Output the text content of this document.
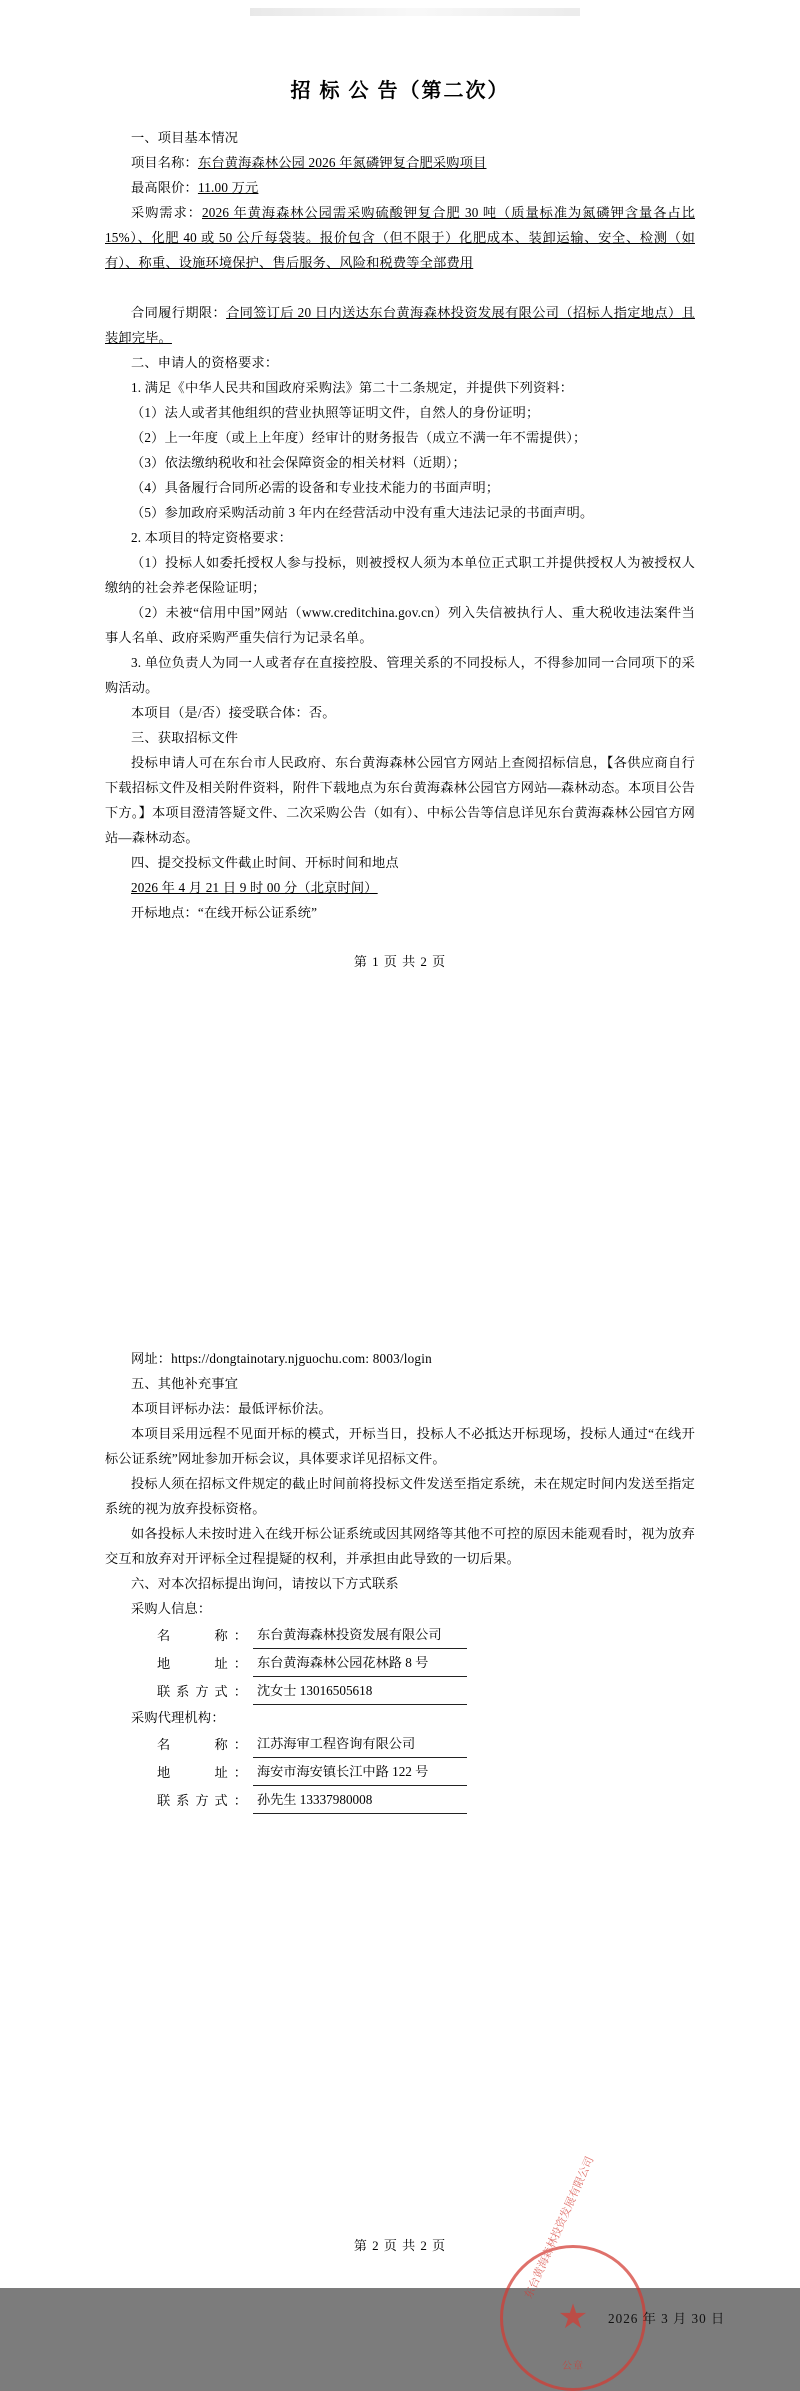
招 标 公 告（第二次）

一、项目基本情况

项目名称：东台黄海森林公园 2026 年氮磷钾复合肥采购项目

最高限价：11.00 万元

采购需求：2026 年黄海森林公园需采购硫酸钾复合肥 30 吨（质量标准为氮磷钾含量各占比 15%）、化肥 40 或 50 公斤每袋装。报价包含（但不限于）化肥成本、装卸运输、安全、检测（如有）、称重、设施环境保护、售后服务、风险和税费等全部费用

合同履行期限：合同签订后 20 日内送达东台黄海森林投资发展有限公司（招标人指定地点）且装卸完毕。

二、申请人的资格要求：

1. 满足《中华人民共和国政府采购法》第二十二条规定，并提供下列资料：

（1）法人或者其他组织的营业执照等证明文件，自然人的身份证明；

（2）上一年度（或上上年度）经审计的财务报告（成立不满一年不需提供）；

（3）依法缴纳税收和社会保障资金的相关材料（近期）；

（4）具备履行合同所必需的设备和专业技术能力的书面声明；

（5）参加政府采购活动前 3 年内在经营活动中没有重大违法记录的书面声明。

2. 本项目的特定资格要求：

（1）投标人如委托授权人参与投标，则被授权人须为本单位正式职工并提供授权人为被授权人缴纳的社会养老保险证明；

（2）未被“信用中国”网站（www.creditchina.gov.cn）列入失信被执行人、重大税收违法案件当事人名单、政府采购严重失信行为记录名单。

3. 单位负责人为同一人或者存在直接控股、管理关系的不同投标人，不得参加同一合同项下的采购活动。

本项目（是/否）接受联合体：否。

三、获取招标文件

投标申请人可在东台市人民政府、东台黄海森林公园官方网站上查阅招标信息，【各供应商自行下载招标文件及相关附件资料，附件下载地点为东台黄海森林公园官方网站—森林动态。本项目公告下方。】本项目澄清答疑文件、二次采购公告（如有）、中标公告等信息详见东台黄海森林公园官方网站—森林动态。

四、提交投标文件截止时间、开标时间和地点

2026 年 4 月 21 日 9 时 00 分（北京时间）

开标地点：“在线开标公证系统”

第 1 页 共 2 页

网址：https://dongtainotary.njguochu.com: 8003/login

五、其他补充事宜

本项目评标办法：最低评标价法。

本项目采用远程不见面开标的模式，开标当日，投标人不必抵达开标现场，投标人通过“在线开标公证系统”网址参加开标会议，具体要求详见招标文件。

投标人须在招标文件规定的截止时间前将投标文件发送至指定系统，未在规定时间内发送至指定系统的视为放弃投标资格。

如各投标人未按时进入在线开标公证系统或因其网络等其他不可控的原因未能观看时，视为放弃交互和放弃对开评标全过程提疑的权利，并承担由此导致的一切后果。

六、对本次招标提出询问，请按以下方式联系

采购人信息：

名　　称：	东台黄海森林投资发展有限公司
地　　址：	东台黄海森林公园花林路 8 号
联系方式：	沈女士 13016505618

采购代理机构：

名　　称：	江苏海审工程咨询有限公司
地　　址：	海安市海安镇长江中路 122 号
联系方式：	孙先生 13337980008
★
东台黄海森林投资发展有限公司
公章
2026 年 3 月 30 日
第 2 页 共 2 页
